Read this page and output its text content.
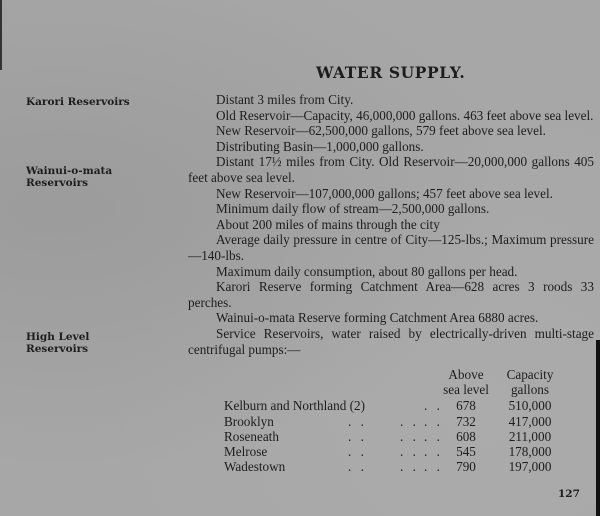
WATER SUPPLY.
Karori Reservoirs
Wainui-o-mata
Reservoirs
High Level
Reservoirs

Distant 3 miles from City.

Old Reservoir—Capacity, 46,000,000 gallons. 463 feet above sea level.

New Reservoir—62,500,000 gallons, 579 feet above sea level.

Distributing Basin—1,000,000 gallons.

Distant 17½ miles from City. Old Reservoir—20,000,000 gallons 405 feet above sea level.

New Reservoir—107,000,000 gallons; 457 feet above sea level.

Minimum daily flow of stream—2,500,000 gallons.

About 200 miles of mains through the city

Average daily pressure in centre of City—125-lbs.; Maximum pressure—140-lbs.

Maximum daily consumption, about 80 gallons per head.

Karori Reserve forming Catchment Area—628 acres 3 roods 33 perches.

Wainui-o-mata Reserve forming Catchment Area 6880 acres.

Service Reservoirs, water raised by electrically-driven multi-stage centrifugal pumps:—

Above	Capacity
sea level	gallons
Kelburn and Northland (2)	. .	678	510,000
Brooklyn	. .	. . . .	732	417,000
Roseneath	. .	. . . .	608	211,000
Melrose	. .	. . . .	545	178,000
Wadestown	. .	. . . .	790	197,000
127
